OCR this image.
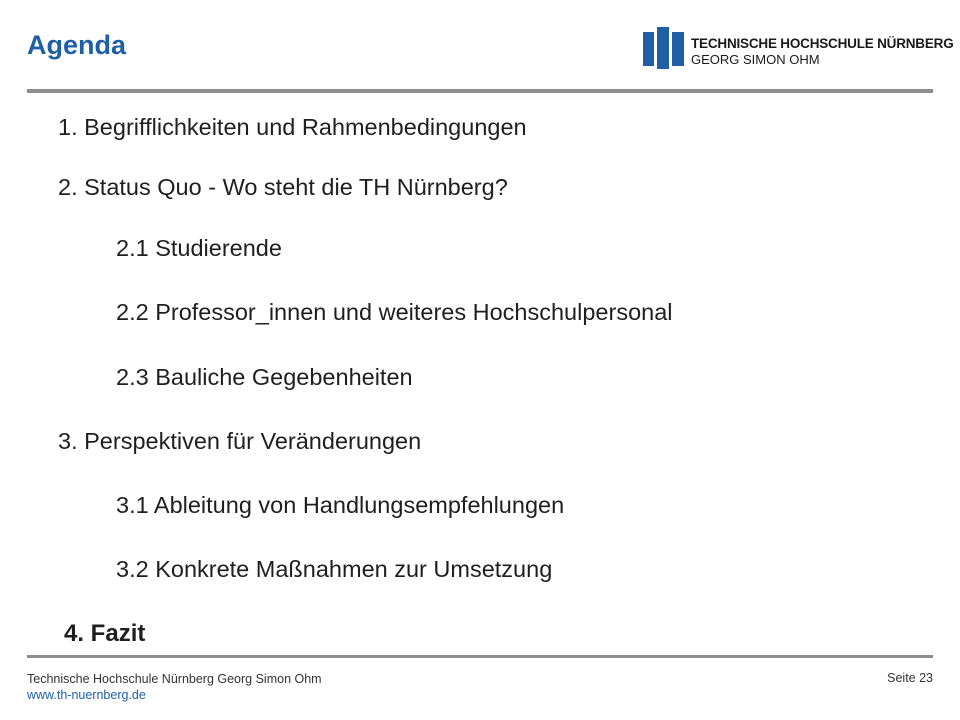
Agenda	TECHNISCHE HOCHSCHULE NÜRNBERG
GEORG SIMON OHM

1. Begrifflichkeiten und Rahmenbedingungen

2. Status Quo - Wo steht die TH Nürnberg?

2.1 Studierende

2.2 Professor_innen und weiteres Hochschulpersonal

2.3 Bauliche Gegebenheiten

3. Perspektiven für Veränderungen

3.1 Ableitung von Handlungsempfehlungen

3.2 Konkrete Maßnahmen zur Umsetzung

4. Fazit

Technische Hochschule Nürnberg Georg Simon Ohm
www.th-nuernberg.de
Seite 23
